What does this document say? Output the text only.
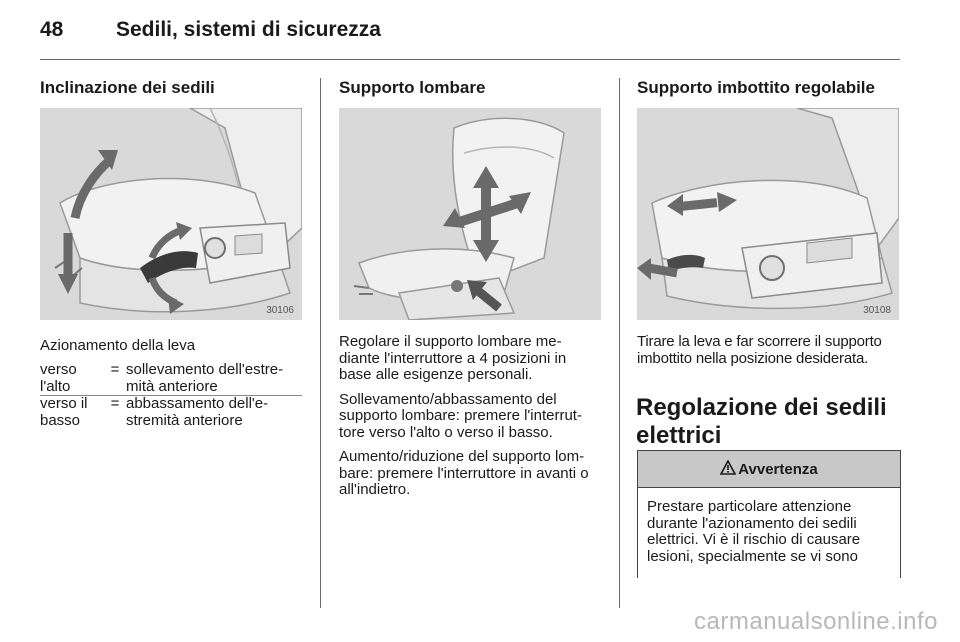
48	Sedili, sistemi di sicurezza
Inclinazione dei sedili
30106
Azionamento della leva
verso l'alto
= sollevamento dell'estre-mità anteriore
verso il basso
= abbassamento dell'e-stremità anteriore
Supporto lombare

Regolare il supporto lombare me-diante l'interruttore a 4 posizioni in base alle esigenze personali.

Sollevamento/abbassamento del supporto lombare: premere l'interrut-tore verso l'alto o verso il basso.

Aumento/riduzione del supporto lom-bare: premere l'interruttore in avanti o all'indietro.

Supporto imbottito regolabile
30108
Tirare la leva e far scorrere il supporto imbottito nella posizione desiderata.
Regolazione dei sedili elettrici
Avvertenza
Prestare particolare attenzione durante l'azionamento dei sedili elettrici. Vi è il rischio di causare lesioni, specialmente se vi sono
carmanualsonline.info
